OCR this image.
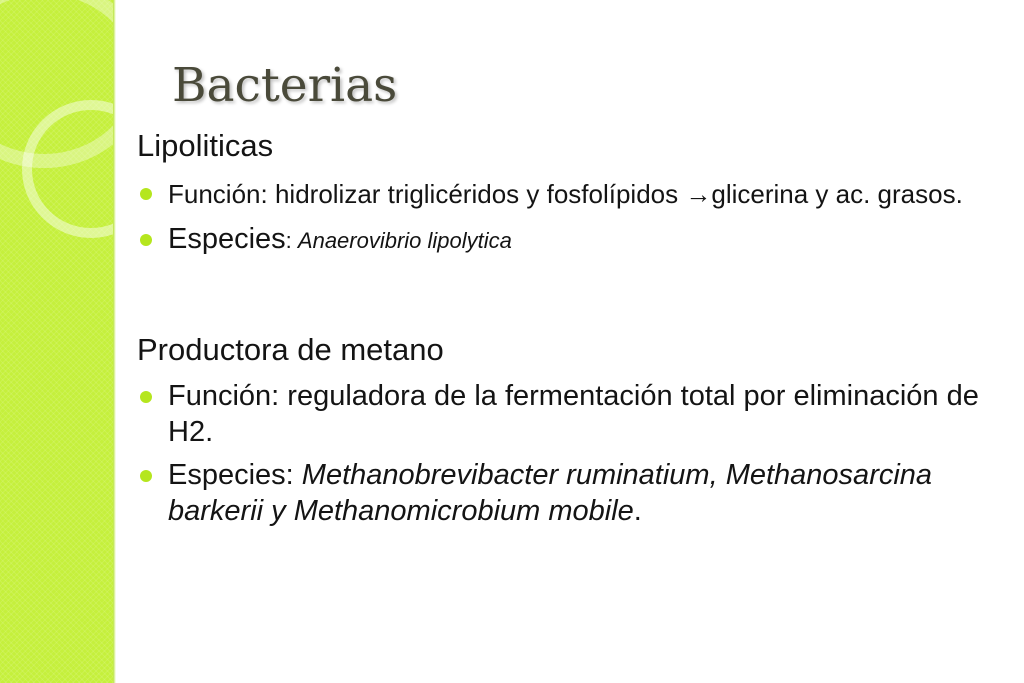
Bacterias
Lipoliticas
Función: hidrolizar triglicéridos y fosfolípidos →glicerina y ac. grasos.
Especies: Anaerovibrio lipolytica
Productora de metano
Función: reguladora de la fermentación total por eliminación de H2.
Especies: Methanobrevibacter ruminatium, Methanosarcina barkerii y Methanomicrobium mobile.
